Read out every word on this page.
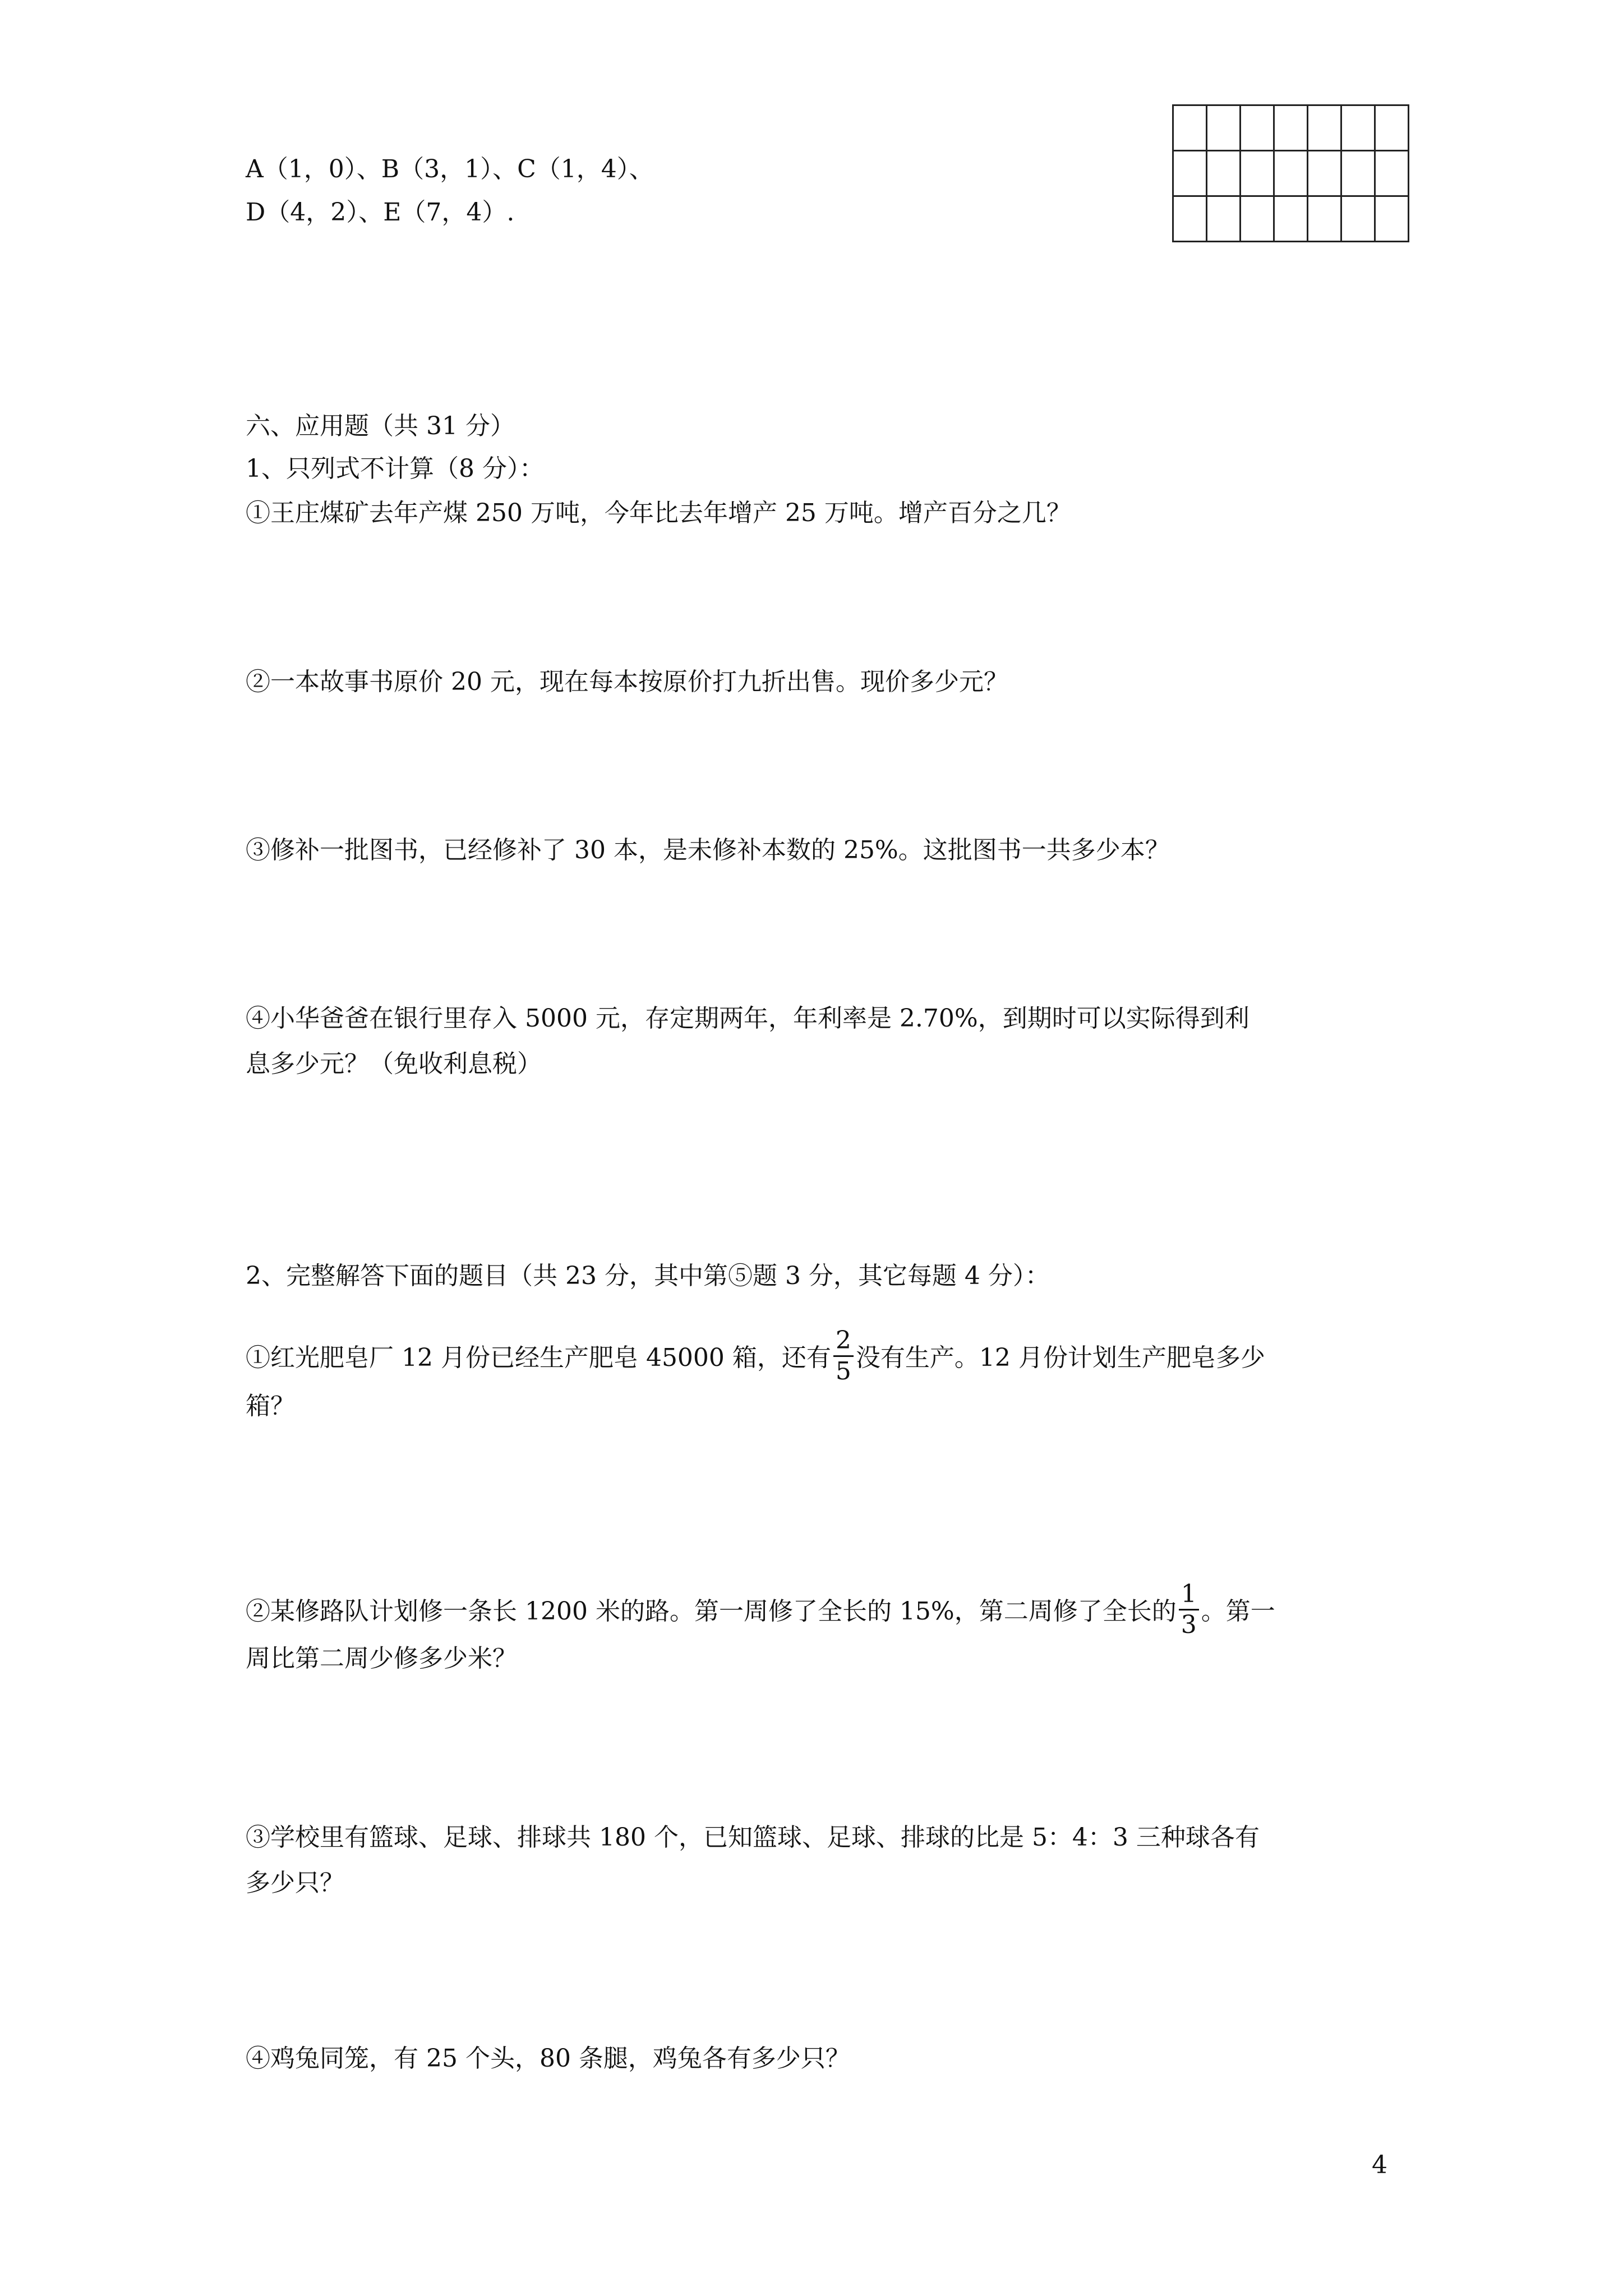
A（1，0）、B（3，1）、C（1，4）、
D（4，2）、E（7，4）.

六、应用题（共 31 分）
1、只列式不计算（8 分）：
①王庄煤矿去年产煤 250 万吨，今年比去年增产 25 万吨。增产百分之几？
②一本故事书原价 20 元，现在每本按原价打九折出售。现价多少元？
③修补一批图书，已经修补了 30 本，是未修补本数的 25%。这批图书一共多少本？
④小华爸爸在银行里存入 5000 元，存定期两年，年利率是 2.70%，到期时可以实际得到利
息多少元？（免收利息税）
2、完整解答下面的题目（共 23 分，其中第⑤题 3 分，其它每题 4 分）：
①红光肥皂厂 12 月份已经生产肥皂 45000 箱，还有 $\frac{2}{5}$ 没有生产。12 月份计划生产肥皂多少
箱？
②某修路队计划修一条长 1200 米的路。第一周修了全长的 15%，第二周修了全长的 $\frac{1}{3}$ 。第一
周比第二周少修多少米？
③学校里有篮球、足球、排球共 180 个，已知篮球、足球、排球的比是 5：4：3 三种球各有
多少只？
④鸡兔同笼，有 25 个头，80 条腿，鸡兔各有多少只？
4
